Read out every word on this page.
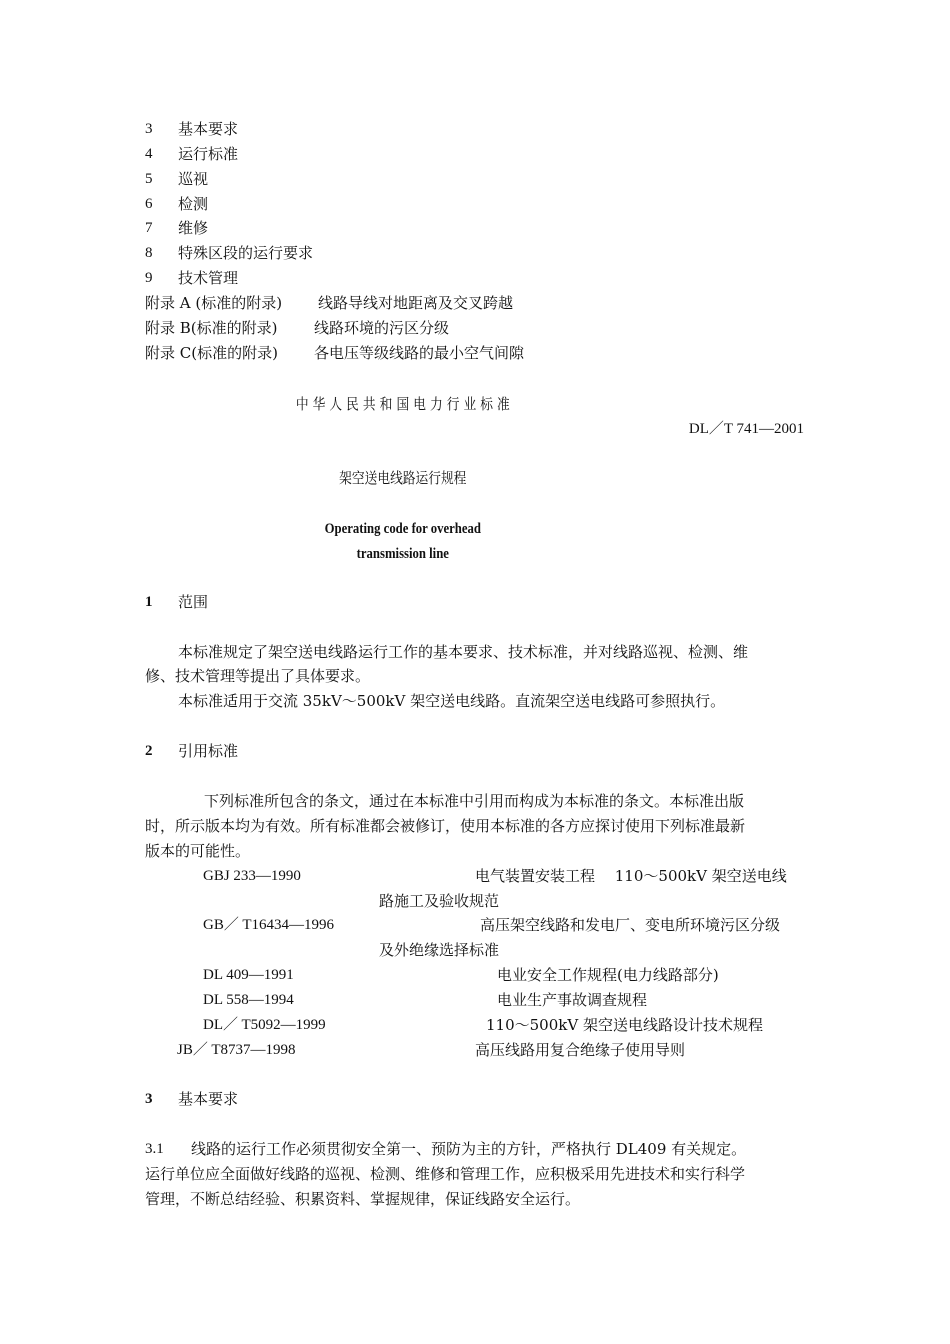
3 基本要求
4 运行标准
5 巡视
6 检测
7 维修
8 特殊区段的运行要求
9 技术管理
附录 A (标准的附录) 线路导线对地距离及交叉跨越
附录 B(标准的附录) 线路环境的污区分级
附录 C(标准的附录) 各电压等级线路的最小空气间隙
中 华 人 民 共 和 国 电 力 行 业 标 准
DL／T 741—2001
架空送电线路运行规程
Operating code for overhead
transmission line
1 范围
本标准规定了架空送电线路运行工作的基本要求、技术标准，并对线路巡视、检测、维
修、技术管理等提出了具体要求。
本标准适用于交流 35kV～500kV 架空送电线路。直流架空送电线路可参照执行。
2 引用标准
下列标准所包含的条文，通过在本标准中引用而构成为本标准的条文。本标准出版
时，所示版本均为有效。所有标准都会被修订，使用本标准的各方应探讨使用下列标准最新
版本的可能性。
GBJ 233—1990	电气装置安装工程　 110～500kV 架空送电线
路施工及验收规范
GB／ T16434—1996	高压架空线路和发电厂、变电所环境污区分级
及外绝缘选择标准
DL 409—1991	电业安全工作规程(电力线路部分)
DL 558—1994	电业生产事故调查规程
DL／ T5092—1999	110～500kV 架空送电线路设计技术规程
JB／ T8737—1998	高压线路用复合绝缘子使用导则
3 基本要求
3.1 线路的运行工作必须贯彻安全第一、预防为主的方针，严格执行 DL409 有关规定。
运行单位应全面做好线路的巡视、检测、维修和管理工作，应积极采用先进技术和实行科学
管理，不断总结经验、积累资料、掌握规律，保证线路安全运行。
